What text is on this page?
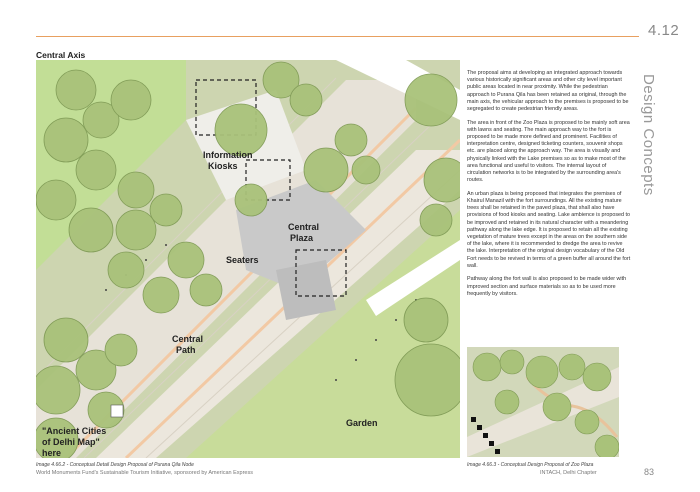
4.12
Design Concepts
Central Axis
Information
Kiosks
Central
Plaza
Seaters
Central
Path
"Ancient Cities
of Delhi Map"
here
Garden

The proposal aims at developing an integrated approach towards various historically significant areas and other city level important public areas located in near proximity. While the pedestrian approach to Purana Qila has been retained as original, through the main axis, the vehicular approach to the premises is proposed to be segregated to create pedestrian friendly areas.

The area in front of the Zoo Plaza is proposed to be mainly soft area with lawns and seating. The main approach way to the fort is proposed to be made more defined and prominent. Facilities of interpretation centre, designed ticketing counters, souvenir shops etc. are placed along the approach way. The area is visually and physically linked with the Lake premises so as to make most of the area functional and useful to visitors. The internal layout of circulation networks is to be integrated by the surrounding area's routes.

An urban plaza is being proposed that integrates the premises of Khairul Manazil with the fort surroundings. All the existing mature trees shall be retained in the paved plaza, that shall also have provisions of food kiosks and seating. Lake ambience is proposed to be improved and retained in its natural character with a meandering pathway along the lake edge. It is proposed to retain all the existing vegetation of mature trees except in the areas on the southern side of the lake, where it is recommended to dredge the area to revive the lake. Interpretation of the original design vocabulary of the Old Fort needs to be revived in terms of a green buffer all around the fort wall.

Pathway along the fort wall is also proposed to be made wider with improved section and surface materials so as to be used more frequently by visitors.

Image 4.66.2 - Conceptual Detail Design Proposal of Purana Qila Node	Image 4.66.3 - Conceptual Design Proposal of Zoo Plaza
World Monuments Fund's Sustainable Tourism Initiative, sponsored by American Express	INTACH, Delhi Chapter	83
